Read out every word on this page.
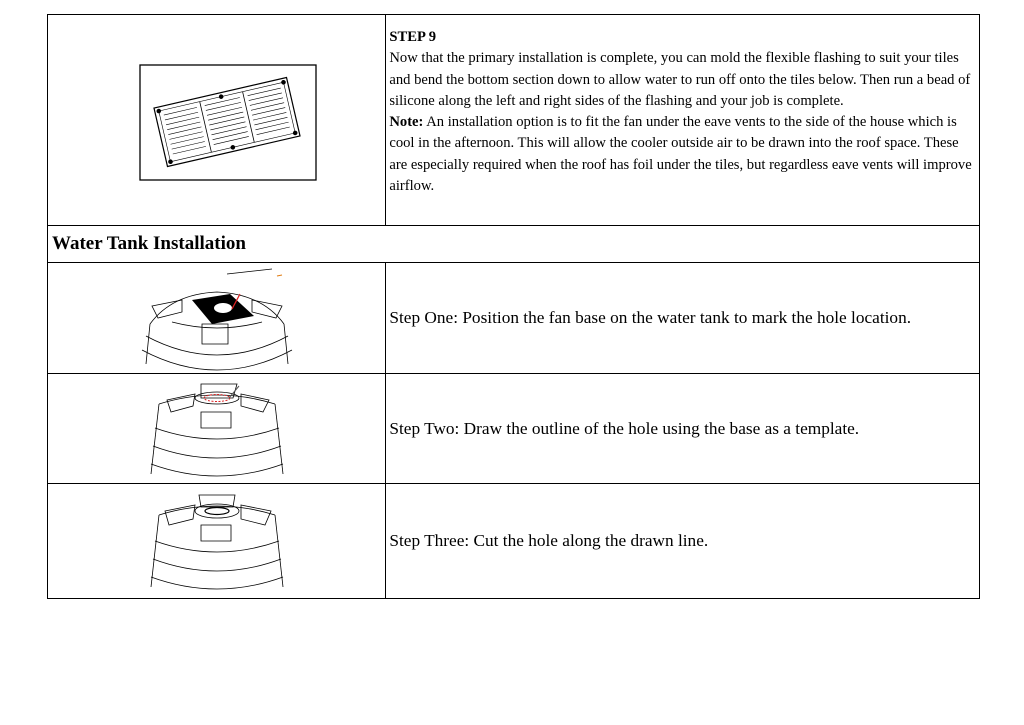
STEP 9
Now that the primary installation is complete, you can mold the flexible flashing to suit your tiles and bend the bottom section down to allow water to run off onto the tiles below. Then run a bead of silicone along the left and right sides of the flashing and your job is complete.
Note: An installation option is to fit the fan under the eave vents to the side of the house which is cool in the afternoon. This will allow the cooler outside air to be drawn into the roof space. These are especially required when the roof has foil under the tiles, but regardless eave vents will improve airflow.
Water Tank Installation	

	Step One: Position the fan base on the water tank to mark the hole location.

	Step Two: Draw the outline of the hole using the base as a template.

	Step Three: Cut the hole along the drawn line.
